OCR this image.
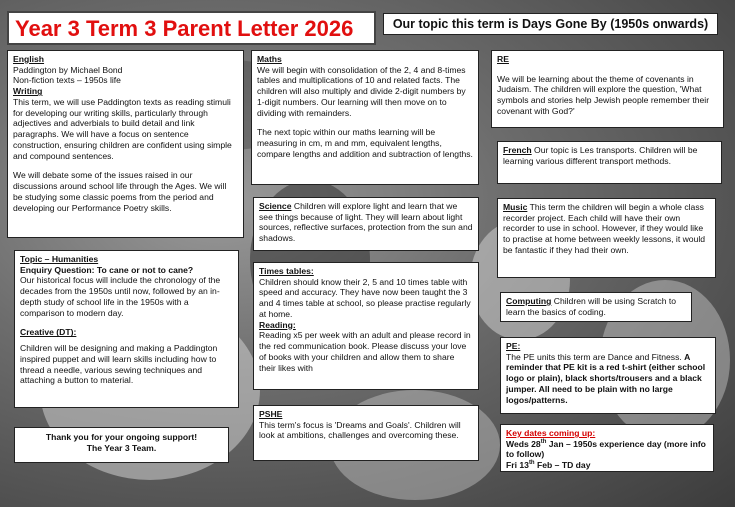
Year 3 Term 3 Parent Letter 2026	Our topic this term is Days Gone By (1950s onwards)

English

Paddington by Michael Bond

Non-fiction texts – 1950s life

Writing

This term, we will use Paddington texts as reading stimuli for developing our writing skills, particularly through adjectives and adverbials to build detail and link paragraphs. We will have a focus on sentence construction, ensuring children are confident using simple and compound sentences.

We will debate some of the issues raised in our discussions around school life through the Ages. We will be studying some classic poems from the period and developing our Performance Poetry skills.

Maths

We will begin with consolidation of the 2, 4 and 8-times tables and multiplications of 10 and related facts. The children will also multiply and divide 2-digit numbers by 1-digit numbers. Our learning will then move on to dividing with remainders.

The next topic within our maths learning will be measuring in cm, m and mm, equivalent lengths, compare lengths and addition and subtraction of lengths.

Science Children will explore light and learn that we see things because of light. They will learn about light sources, reflective surfaces, protection from the sun and shadows.

Topic – Humanities

Enquiry Question: To cane or not to cane?

Our historical focus will include the chronology of the decades from the 1950s until now, followed by an in-depth study of school life in the 1950s with a comparison to modern day.

Creative (DT):

Children will be designing and making a Paddington inspired puppet and will learn skills including how to thread a needle, various sewing techniques and attaching a button to material.

Thank you for your ongoing support!

The Year 3 Team.

Times tables:

Children should know their 2, 5 and 10 times table with speed and accuracy. They have now been taught the 3 and 4 times table at school, so please practise regularly at home.

Reading:

Reading x5 per week with an adult and please record in the red communication book. Please discuss your love of books with your children and allow them to share their likes with

PSHE

This term's focus is 'Dreams and Goals'. Children will look at ambitions, challenges and overcoming these.

RE

We will be learning about the theme of covenants in Judaism. The children will explore the question, 'What symbols and stories help Jewish people remember their covenant with God?'

French Our topic is Les transports. Children will be learning various different transport methods.

Music This term the children will begin a whole class recorder project. Each child will have their own recorder to use in school. However, if they would like to practise at home between weekly lessons, it would be fantastic if they had their own.

Computing Children will be using Scratch to learn the basics of coding.

PE:

The PE units this term are Dance and Fitness. A reminder that PE kit is a red t-shirt (either school logo or plain), black shorts/trousers and a black jumper. All need to be plain with no large logos/patterns.

Key dates coming up:

Weds 28th Jan – 1950s experience day (more info to follow)

Fri 13th Feb – TD day
